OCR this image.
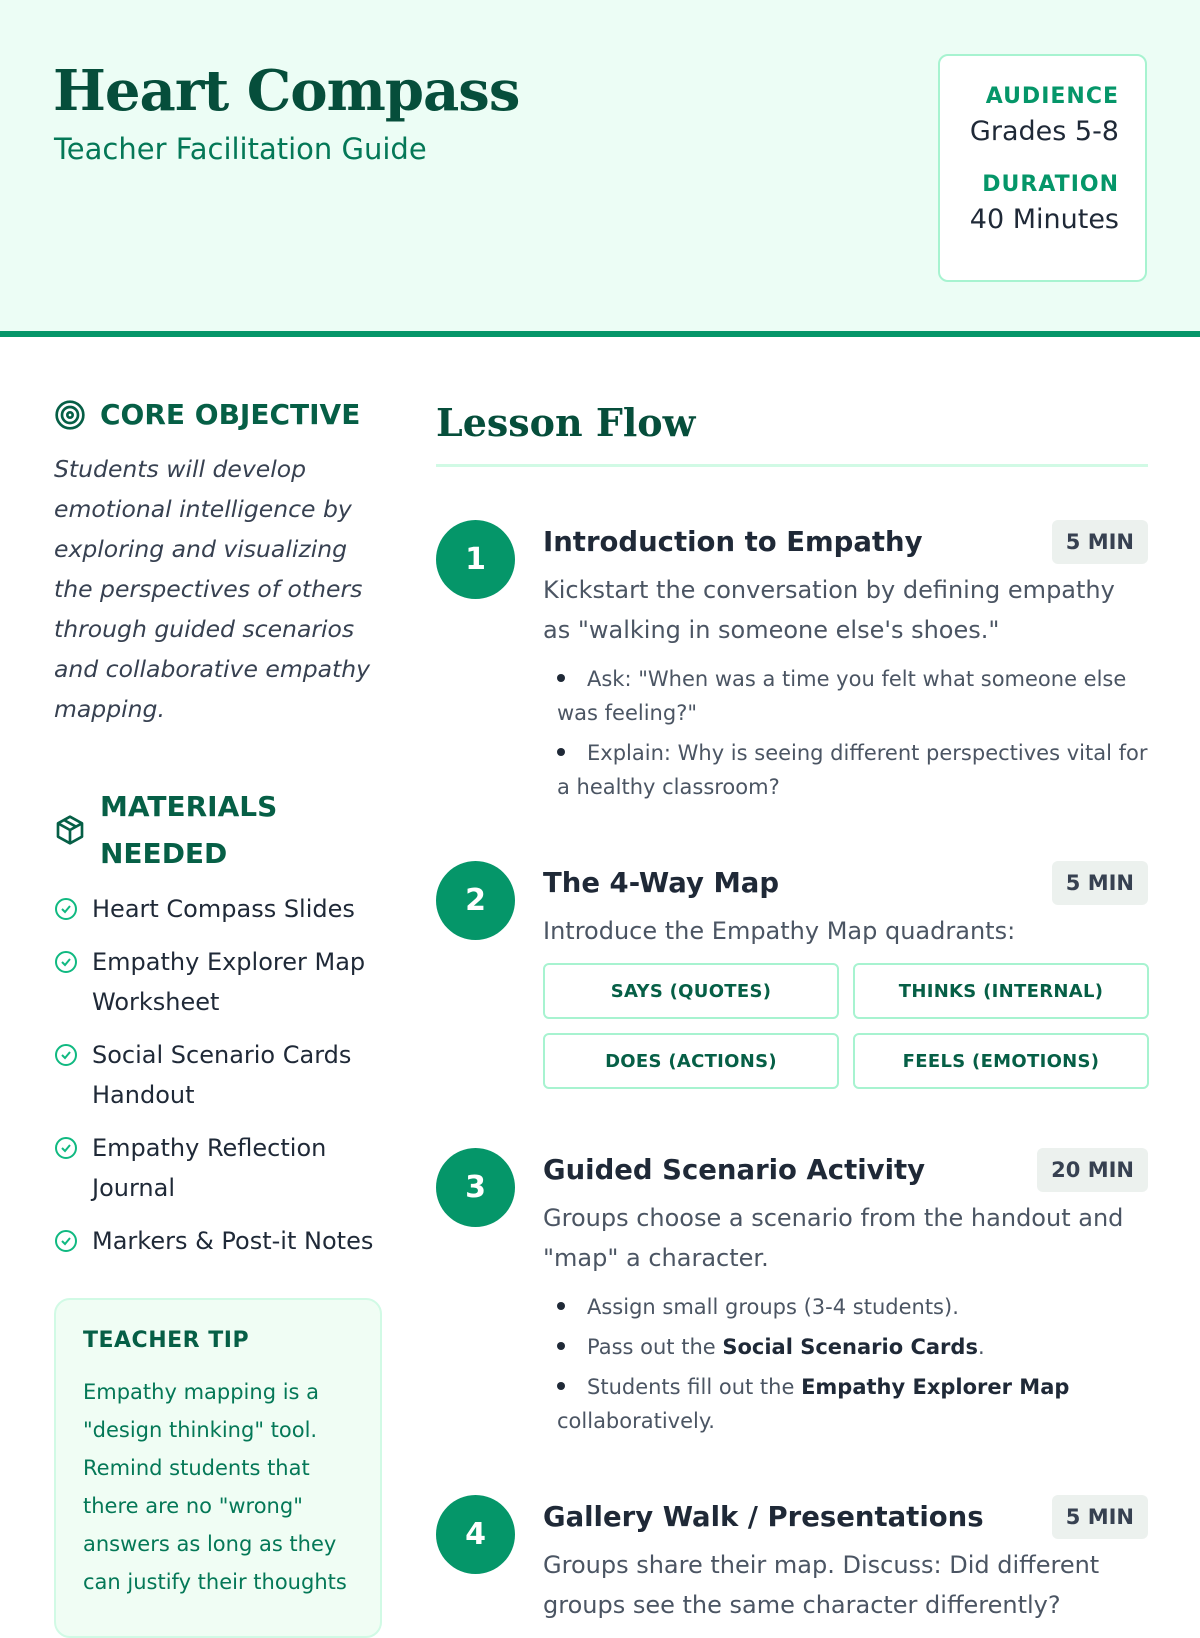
Heart Compass
Teacher Facilitation Guide
AUDIENCE
Grades 5-8
DURATION
40 Minutes
CORE OBJECTIVE

Students will develop emotional intelligence by exploring and visualizing the perspectives of others through guided scenarios and collaborative empathy mapping.

MATERIALS
NEEDED
Heart Compass Slides
Empathy Explorer Map Worksheet
Social Scenario Cards Handout
Empathy Reflection Journal
Markers & Post-it Notes
TEACHER TIP

Empathy mapping is a "design thinking" tool. Remind students that there are no "wrong" answers as long as they can justify their thoughts

Lesson Flow
1	Introduction to Empathy	5 MIN

Kickstart the conversation by defining empathy as "walking in someone else's shoes."

Ask: "When was a time you felt what someone else was feeling?"
Explain: Why is seeing different perspectives vital for a healthy classroom?
2	The 4-Way Map	5 MIN

Introduce the Empathy Map quadrants:

SAYS (QUOTES)	THINKS (INTERNAL)
DOES (ACTIONS)	FEELS (EMOTIONS)
3	Guided Scenario Activity	20 MIN

Groups choose a scenario from the handout and "map" a character.

Assign small groups (3-4 students).
Pass out the Social Scenario Cards.
Students fill out the Empathy Explorer Map collaboratively.
4	Gallery Walk / Presentations	5 MIN

Groups share their map. Discuss: Did different groups see the same character differently?
